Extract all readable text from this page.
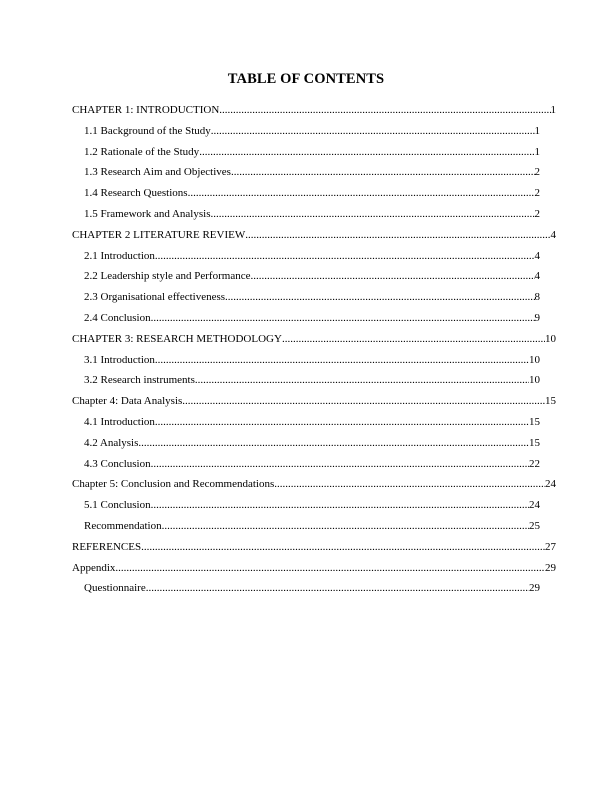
TABLE OF CONTENTS
CHAPTER 1: INTRODUCTION .....	1
1.1 Background of the Study .....	1
1.2 Rationale of the Study .....	1
1.3 Research Aim and Objectives .....	2
1.4 Research Questions .....	2
1.5 Framework and Analysis .....	2
CHAPTER 2 LITERATURE REVIEW .....	4
2.1 Introduction .....	4
2.2 Leadership style and Performance .....	4
2.3 Organisational effectiveness .....	8
2.4 Conclusion .....	9
CHAPTER 3: RESEARCH METHODOLOGY .....	10
3.1 Introduction .....	10
3.2 Research instruments .....	10
Chapter 4: Data Analysis .....	15
4.1 Introduction .....	15
4.2 Analysis .....	15
4.3 Conclusion .....	22
Chapter 5: Conclusion and Recommendations .....	24
5.1 Conclusion .....	24
Recommendation .....	25
REFERENCES .....	27
Appendix .....	29
Questionnaire .....	29
